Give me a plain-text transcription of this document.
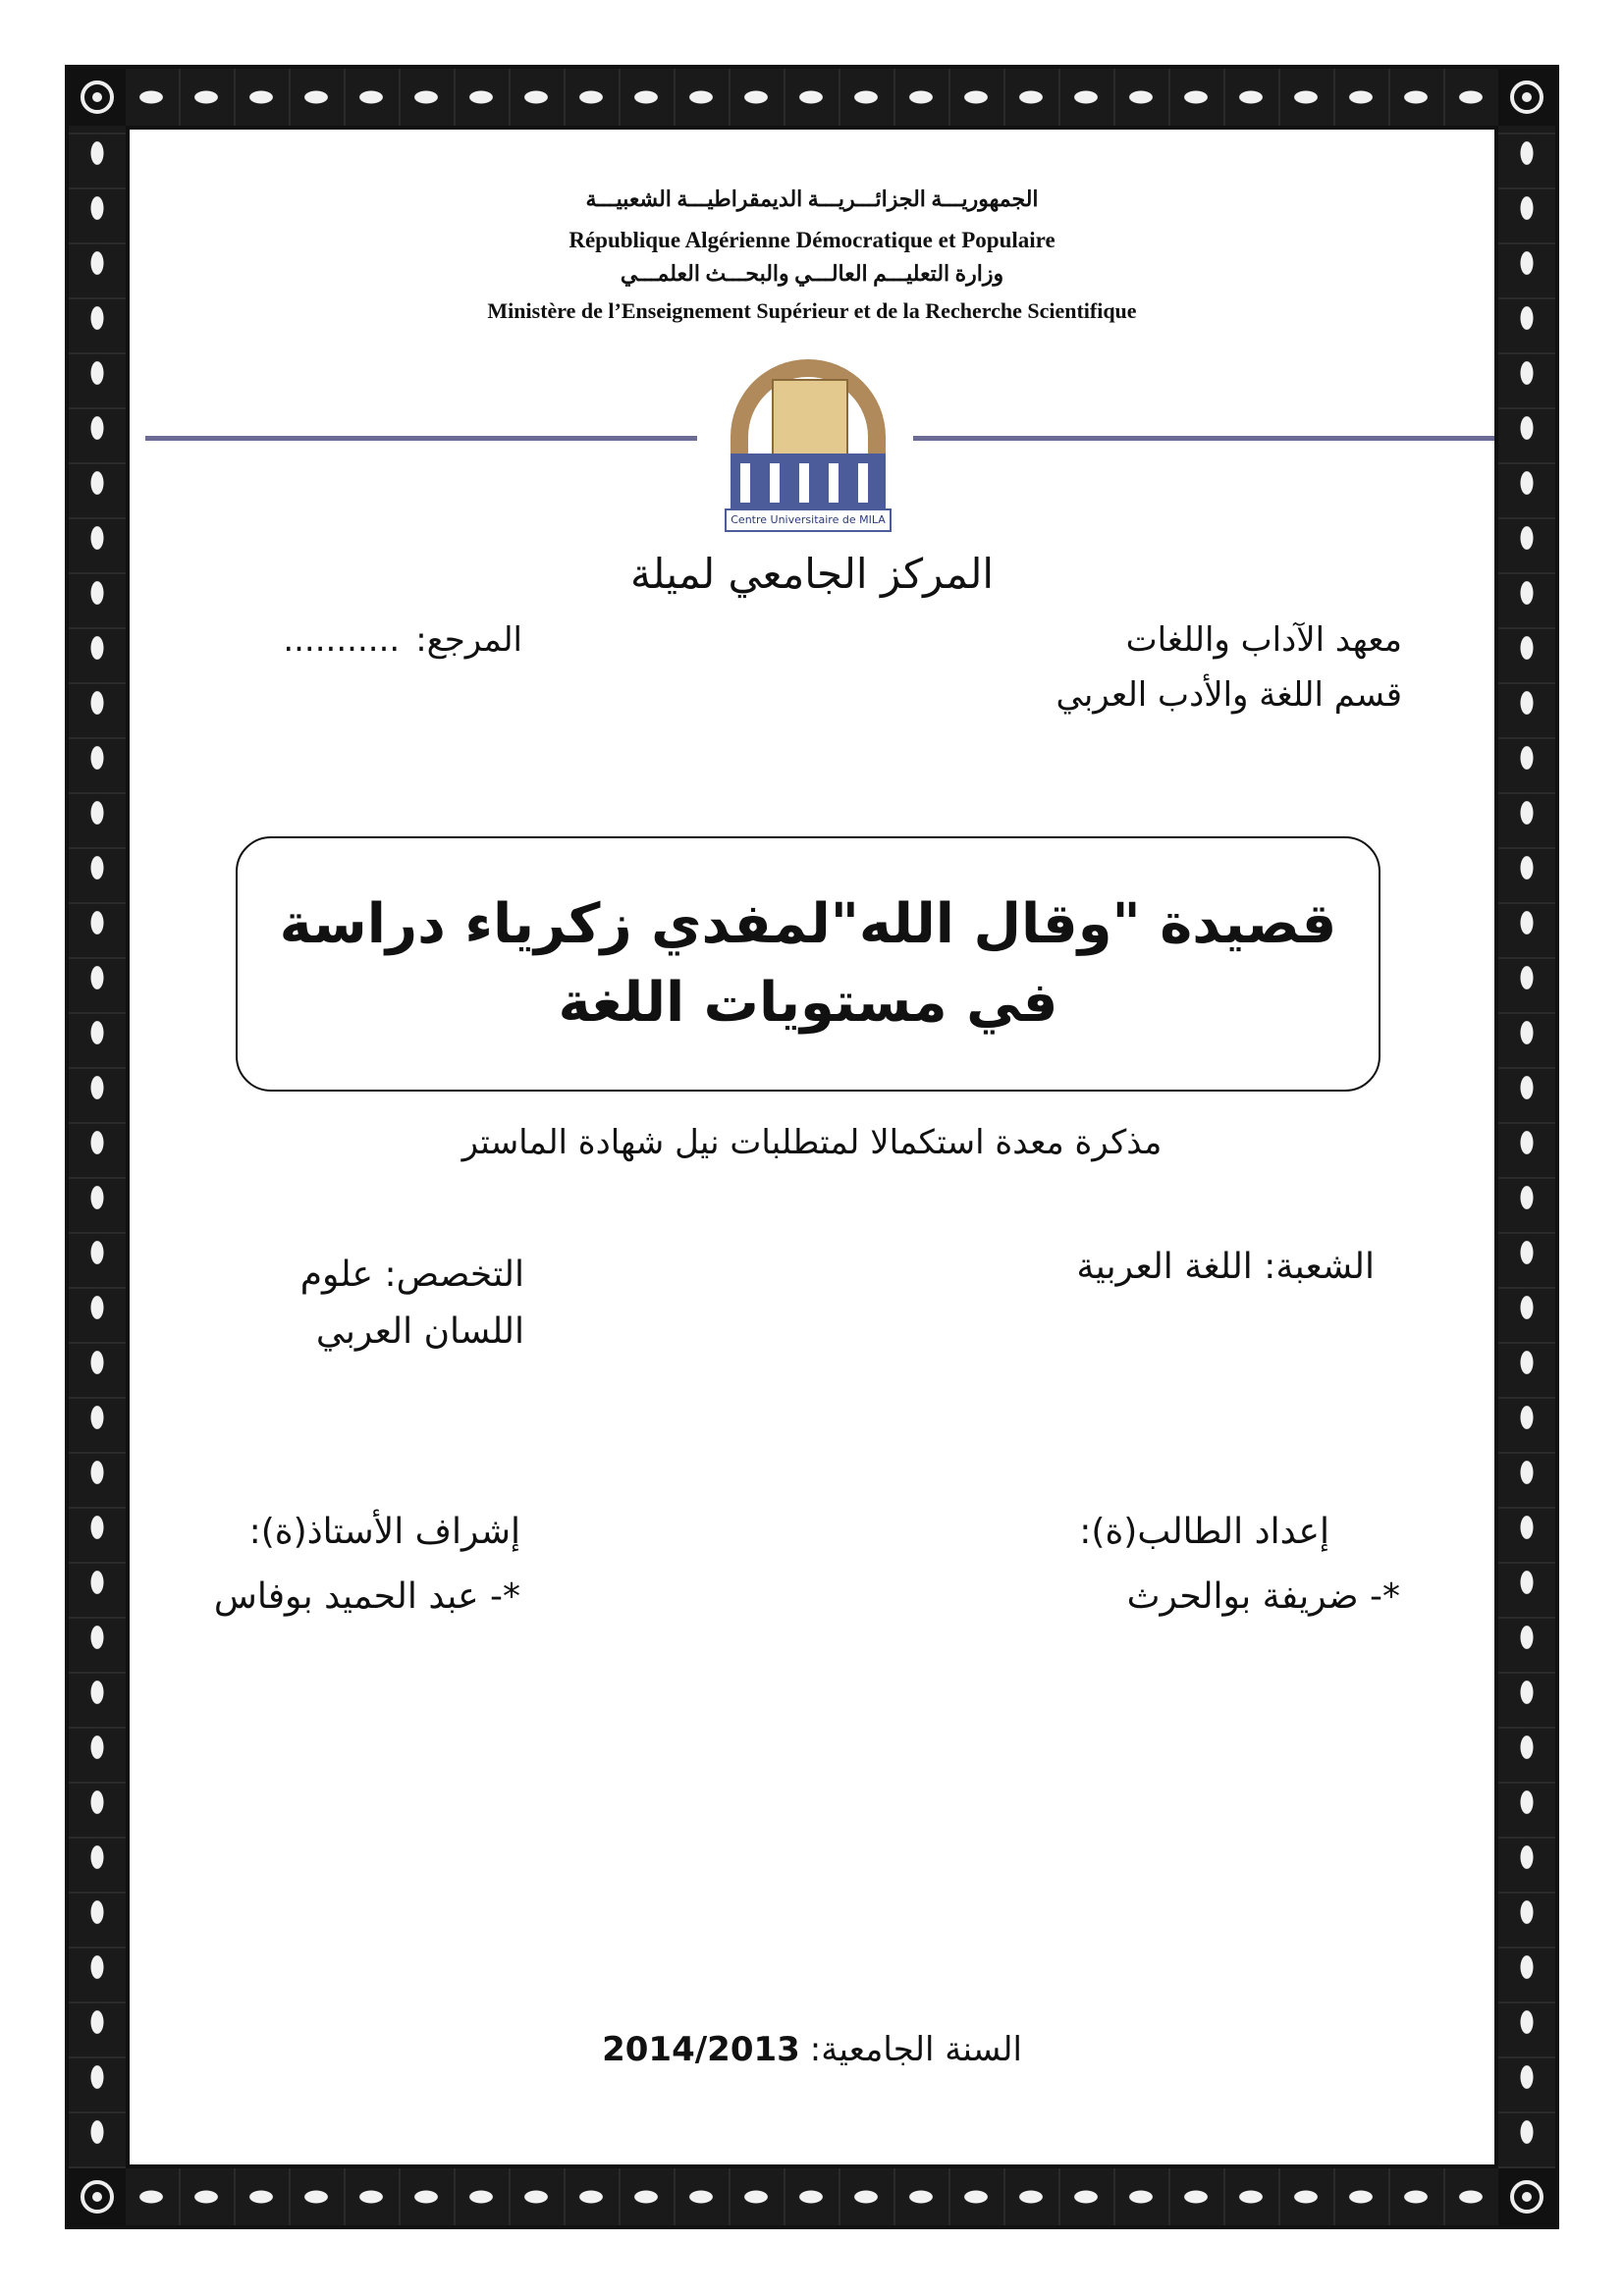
الجمهوريـــة الجزائـــريـــة الديمقراطيـــة الشعبيـــة
République Algérienne Démocratique et Populaire
وزارة التعليـــم العالـــي والبحـــث العلمـــي
Ministère de l’Enseignement Supérieur et de la Recherche Scientifique
Centre Universitaire de MILA
المركز الجامعي لميلة
معهد الآداب واللغات
قسم اللغة والأدب العربي
المرجع:
...........
قصيدة "وقال الله"لمفدي زكرياء دراسة في مستويات اللغة
مذكرة معدة استكمالا لمتطلبات نيل شهادة الماستر
الشعبة: اللغة العربية
التخصص: علوم اللسان العربي
إعداد الطالب(ة):
*- ضريفة بوالحرث
إشراف الأستاذ(ة):
*- عبد الحميد بوفاس
السنة الجامعية:
2014/2013
